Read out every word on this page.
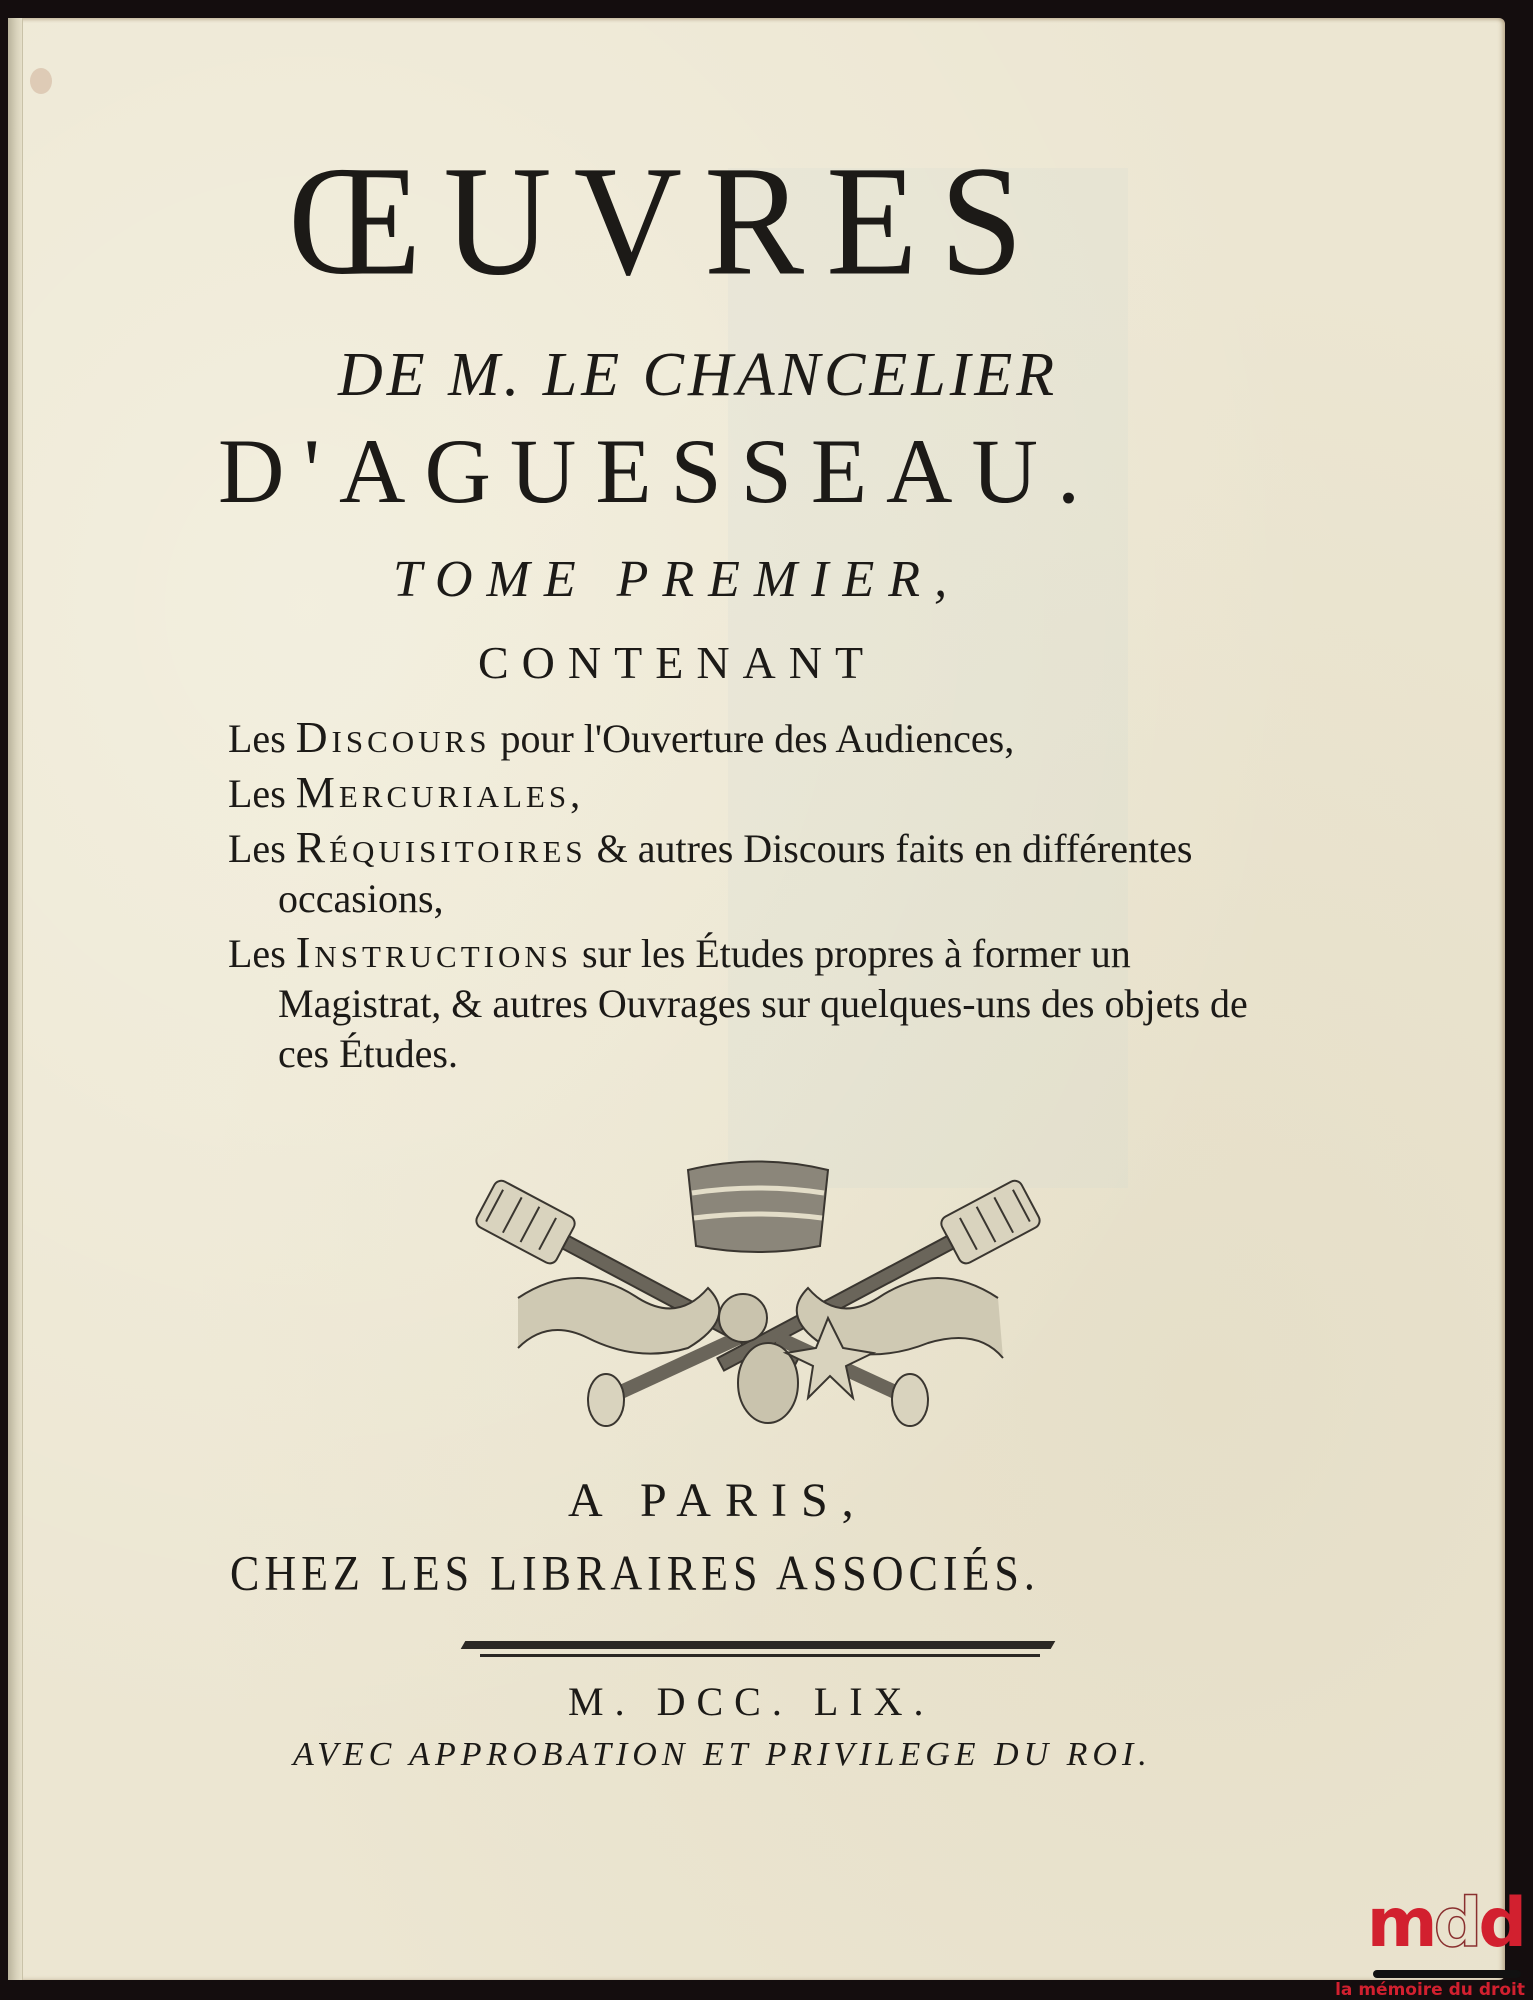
ŒUVRES
DE M. LE CHANCELIER
D'AGUESSEAU.
TOME PREMIER,
CONTENANT
Les Discours pour l'Ouverture des Audiences,
Les Mercuriales,
Les Réquisitoires & autres Discours faits en différentes occasions,
Les Instructions sur les Études propres à former un Magistrat, & autres Ouvrages sur quelques-uns des objets de ces Études.
A PARIS,
CHEZ LES LIBRAIRES ASSOCIÉS.
M. DCC. LIX.
AVEC APPROBATION ET PRIVILEGE DU ROI.
mdd
la mémoire du droit
